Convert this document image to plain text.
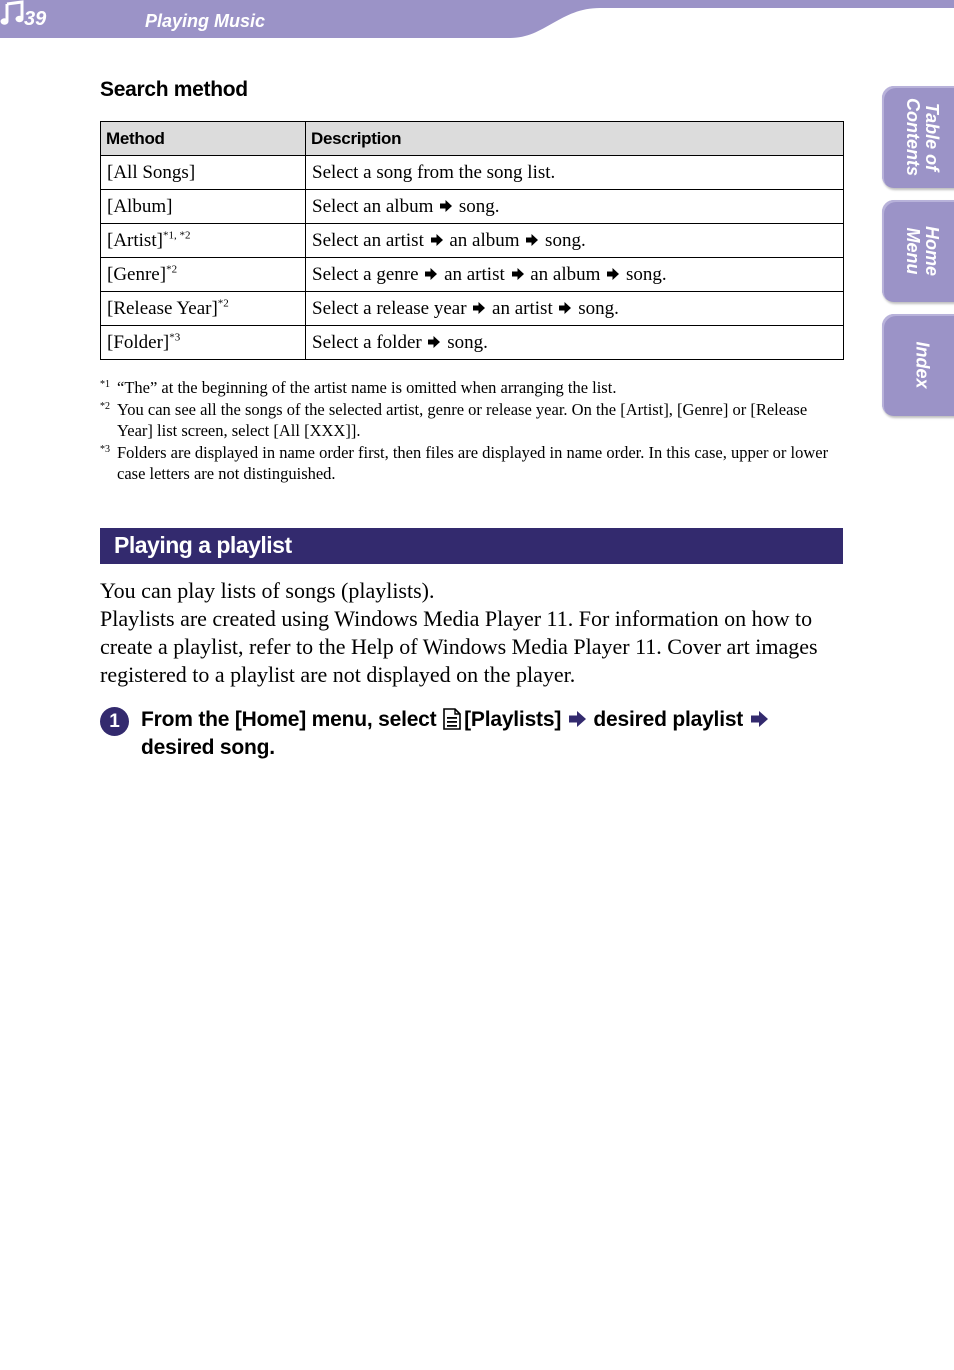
39	Playing Music
Table of
Contents
Home
Menu
Index
Search method
Method	Description
[All Songs]	Select a song from the song list.
[Album]	Select an album song.
[Artist]$^{*1, *2}$	Select an artist an album song.
[Genre]$^{*2}$	Select a genre an artist an album song.
[Release Year]$^{*2}$	Select a release year an artist song.
[Folder]$^{*3}$	Select a folder song.
*1 “The” at the beginning of the artist name is omitted when arranging the list.
*2 You can see all the songs of the selected artist, genre or release year. On the [Artist], [Genre] or [Release Year] list screen, select [All [XXX]].
*3 Folders are displayed in name order first, then files are displayed in name order. In this case, upper or lower case letters are not distinguished.
Playing a playlist

You can play lists of songs (playlists).

Playlists are created using Windows Media Player 11. For information on how to create a playlist, refer to the Help of Windows Media Player 11. Cover art images registered to a playlist are not displayed on the player.

1	From the [Home] menu, select [Playlists] desired playlist  desired song.
